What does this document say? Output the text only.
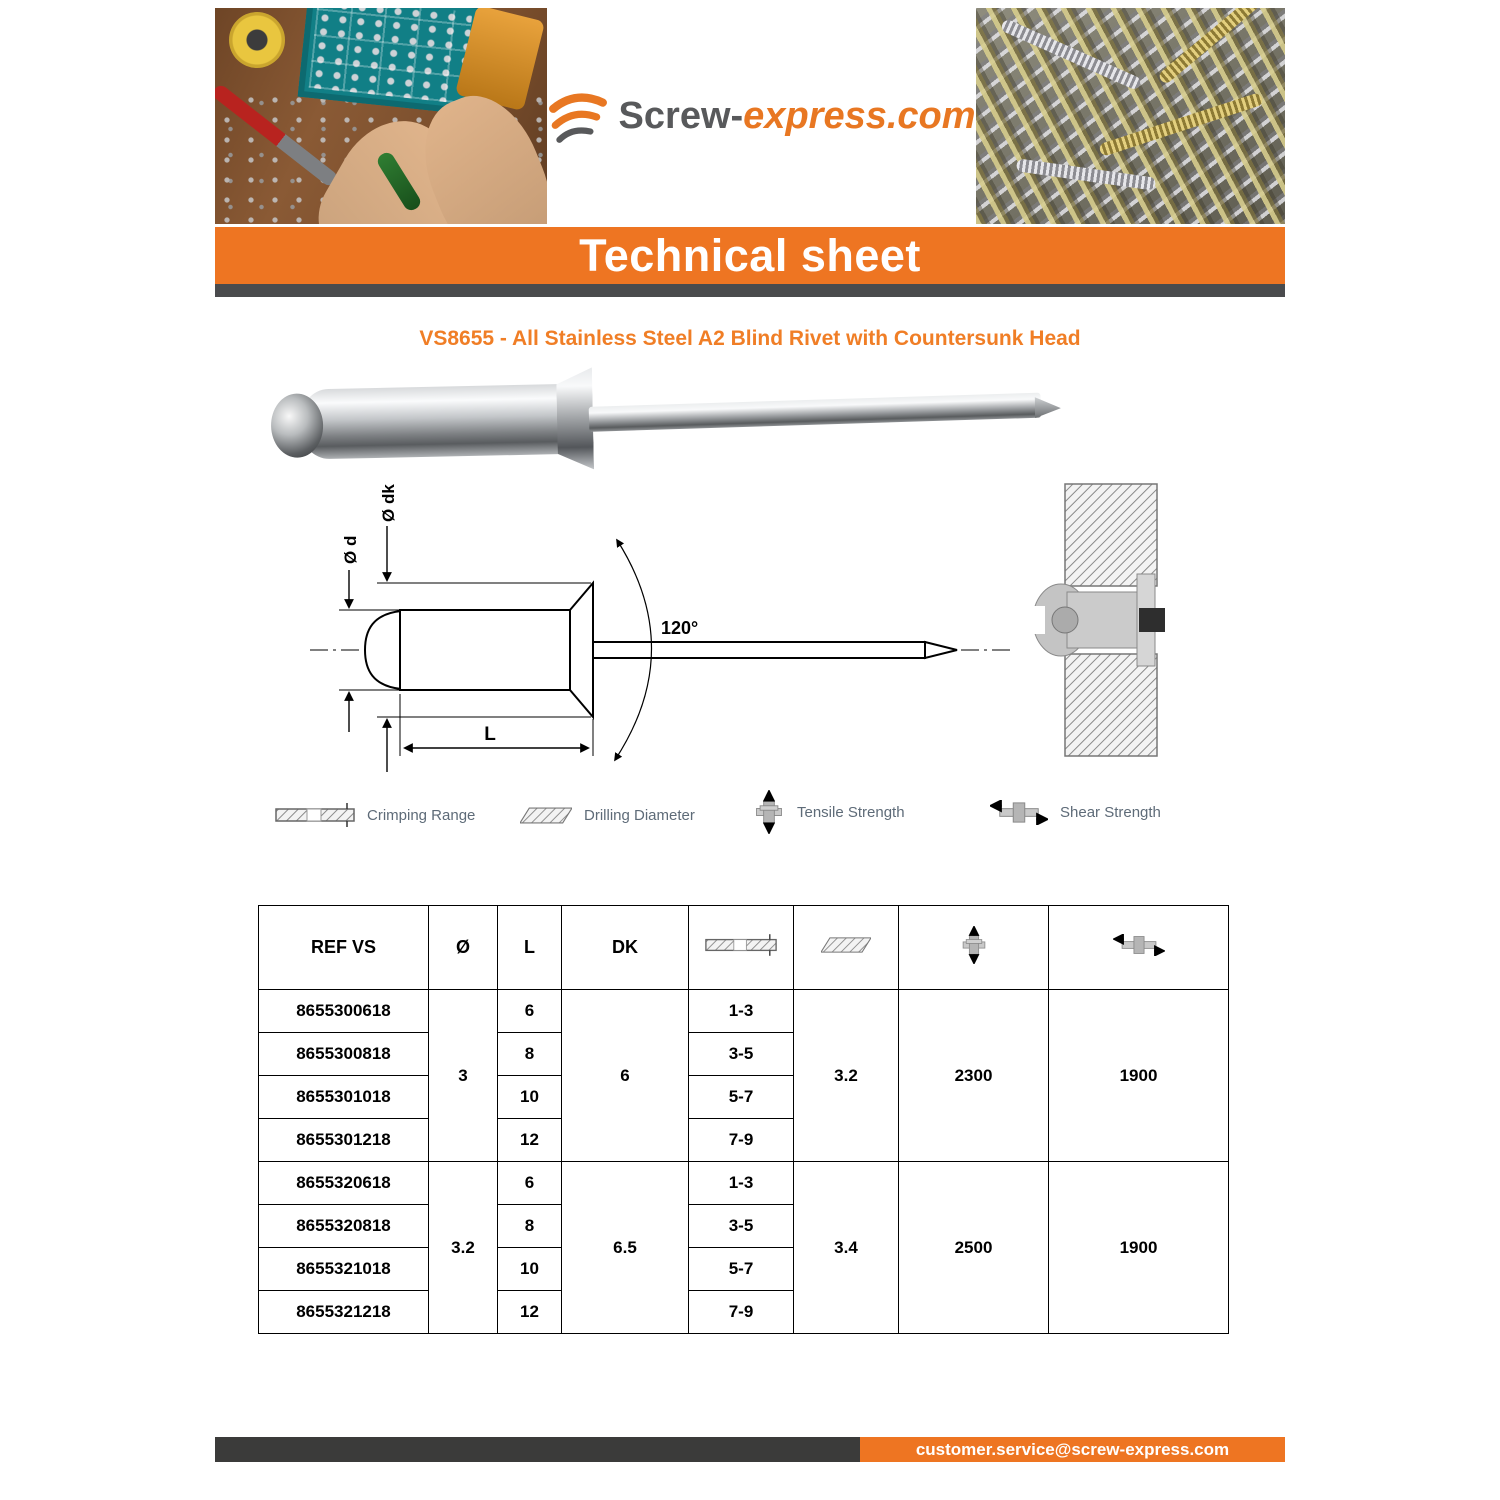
Screw-express.com
Technical sheet
VS8655 - All Stainless Steel A2 Blind Rivet with Countersunk Head
Ø d
Ø dk
120°
L
Crimping Range	Drilling Diameter	Tensile Strength	Shear Strength
REF VS	Ø	L	DK				
8655300618	3	6	6	1-3	3.2	2300	1900
8655300818		8		3-5			
8655301018		10		5-7			
8655301218		12		7-9			
8655320618	3.2	6	6.5	1-3	3.4	2500	1900
8655320818		8		3-5			
8655321018		10		5-7			
8655321218		12		7-9			
customer.service@screw-express.com
